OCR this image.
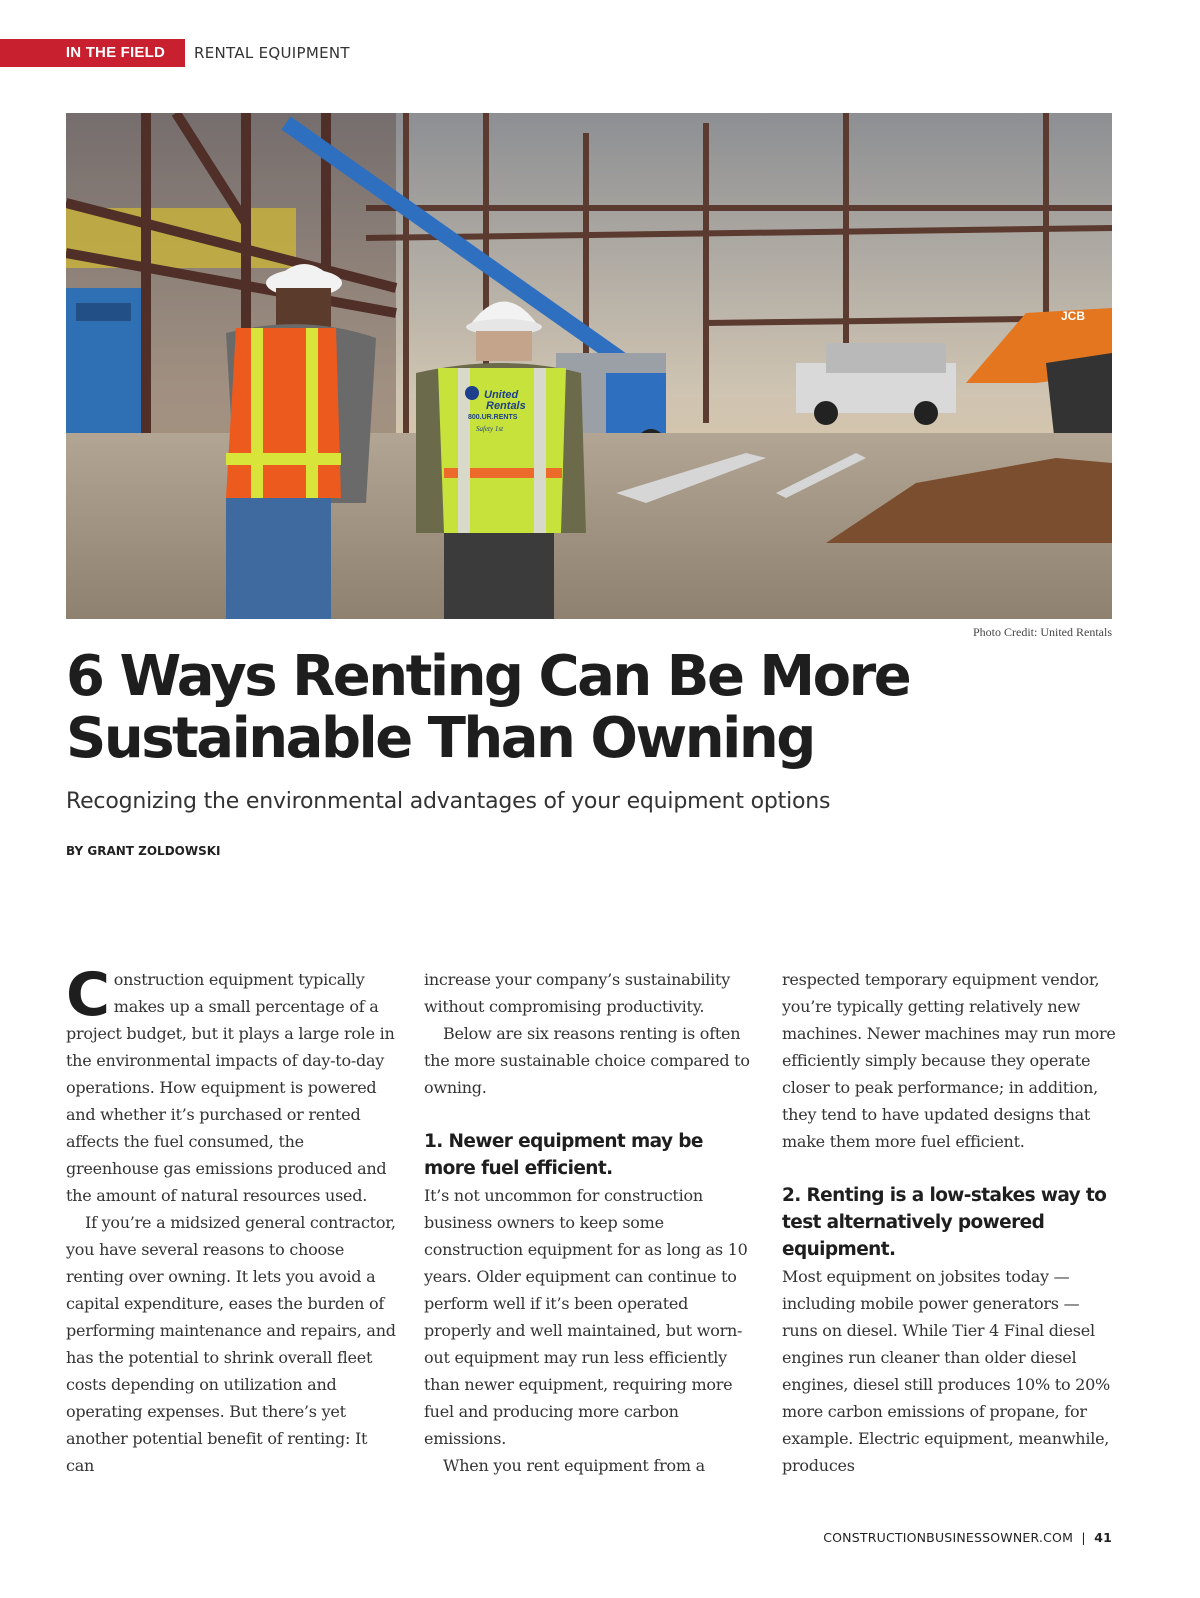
IN THE FIELD	RENTAL EQUIPMENT
JCB
United
Rentals
800.UR.RENTS
Safety 1st
Photo Credit: United Rentals
6 Ways Renting Can Be More Sustainable Than Owning

Recognizing the environmental advantages of your equipment options

BY GRANT ZOLDOWSKI

Construction equipment typically makes up a small percentage of a project budget, but it plays a large role in the environmental impacts of day-to-day operations. How equipment is powered and whether it’s purchased or rented affects the fuel consumed, the greenhouse gas emissions produced and the amount of natural resources used.

If you’re a midsized general contractor, you have several reasons to choose renting over owning. It lets you avoid a capital expenditure, eases the burden of performing maintenance and repairs, and has the potential to shrink overall fleet costs depending on utilization and operating expenses. But there’s yet another potential benefit of renting: It can

increase your company’s sustainability without compromising productivity.

Below are six reasons renting is often the more sustainable choice compared to owning.

1. Newer equipment may be more fuel efficient.

It’s not uncommon for construction business owners to keep some construction equipment for as long as 10 years. Older equipment can continue to perform well if it’s been operated properly and well maintained, but worn-out equipment may run less efficiently than newer equipment, requiring more fuel and producing more carbon emissions.

When you rent equipment from a

respected temporary equipment vendor, you’re typically getting relatively new machines. Newer machines may run more efficiently simply because they operate closer to peak performance; in addition, they tend to have updated designs that make them more fuel efficient.

2. Renting is a low-stakes way to test alternatively powered equipment.

Most equipment on jobsites today — including mobile power generators — runs on diesel. While Tier 4 Final diesel engines run cleaner than older diesel engines, diesel still produces 10% to 20% more carbon emissions of propane, for example. Electric equipment, meanwhile, produces

CONSTRUCTIONBUSINESSOWNER.COM | 41
